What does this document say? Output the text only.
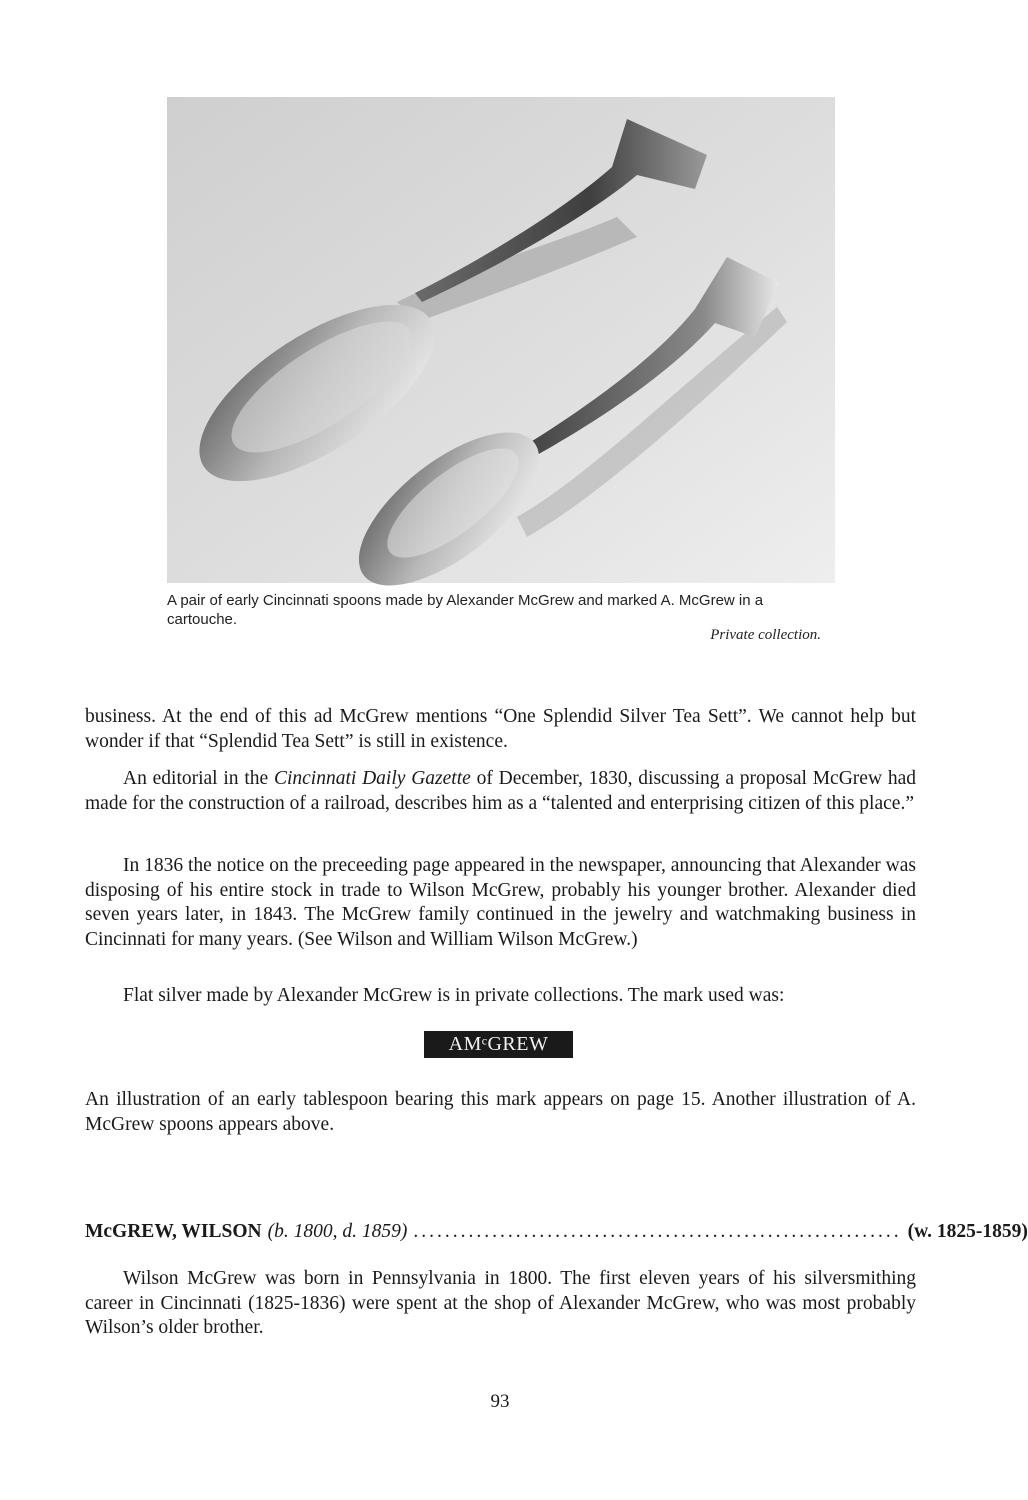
A pair of early Cincinnati spoons made by Alexander McGrew and marked A. McGrew in a cartouche.
Private collection.

business. At the end of this ad McGrew mentions “One Splendid Silver Tea Sett”. We cannot help but wonder if that “Splendid Tea Sett” is still in existence.

An editorial in the Cincinnati Daily Gazette of December, 1830, discussing a proposal McGrew had made for the construction of a railroad, describes him as a “talented and enterprising citizen of this place.”

In 1836 the notice on the preceeding page appeared in the newspaper, announcing that Alexander was disposing of his entire stock in trade to Wilson McGrew, probably his younger brother. Alexander died seven years later, in 1843. The McGrew family continued in the jewelry and watchmaking business in Cincinnati for many years. (See Wilson and William Wilson McGrew.)

Flat silver made by Alexander McGrew is in private collections. The mark used was:

AMᶜGREW

An illustration of an early tablespoon bearing this mark appears on page 15. Another illustration of A. McGrew spoons appears above.

McGREW, WILSON (b. 1800, d. 1859) .............................................................. (w. 1825-1859)

Wilson McGrew was born in Pennsylvania in 1800. The first eleven years of his silversmithing career in Cincinnati (1825-1836) were spent at the shop of Alexander McGrew, who was most probably Wilson’s older brother.

93
